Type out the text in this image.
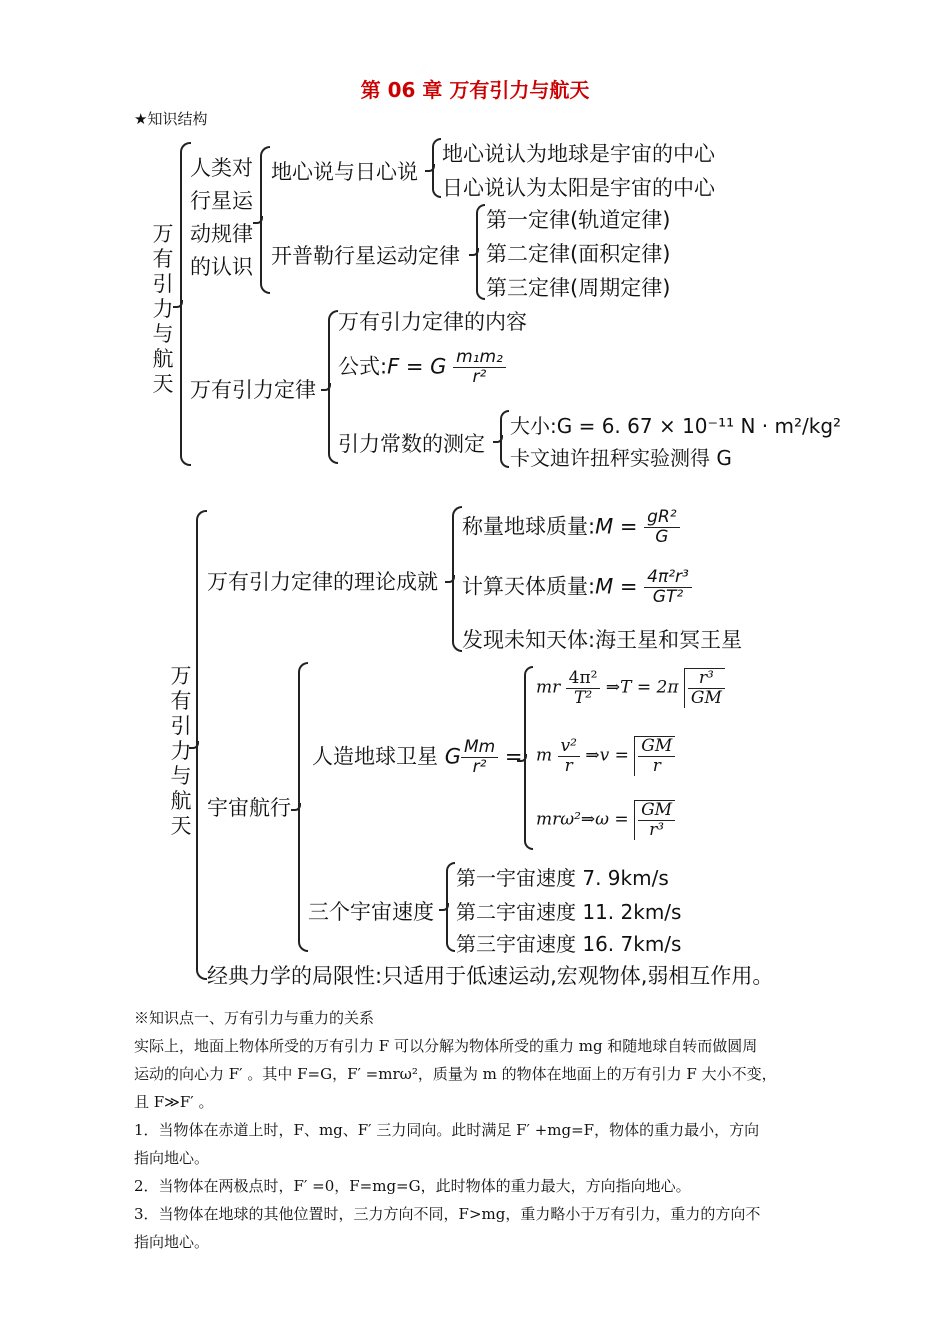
第 06 章 万有引力与航天
★知识结构
万有引力与航天
人类对行星运动规律的认识
地心说与日心说
地心说认为地球是宇宙的中心
日心说认为太阳是宇宙的中心
开普勒行星运动定律
第一定律(轨道定律)
第二定律(面积定律)
第三定律(周期定律)
万有引力定律
万有引力定律的内容
公式:F = G $\frac{\text{m₁m₂}}{\text{r²}}$
引力常数的测定
大小:G = 6. 67 × 10⁻¹¹ N · m²/kg²
卡文迪许扭秤实验测得 G
万有引力与航天
万有引力定律的理论成就
称量地球质量:M = $\frac{\text{gR²}}{G}$
计算天体质量:M = $\frac{\text{4π²r³}}{\text{GT²}}$
发现未知天体:海王星和冥王星
宇宙航行
人造地球卫星 G $\frac{Mm}{\text{r²}}$ =
mr $\frac{\text{4π²}}{\text{T²}}$ ⇒T = $2\pi \frac{\text{r³}}{GM}$
m $\frac{\text{v²}}{r}$ ⇒v = $\frac{GM}{r}$
mrω²⇒ω = $\frac{GM}{\text{r³}}$
三个宇宙速度
第一宇宙速度 7. 9km/s
第二宇宙速度 11. 2km/s
第三宇宙速度 16. 7km/s
经典力学的局限性:只适用于低速运动,宏观物体,弱相互作用。
※知识点一、万有引力与重力的关系
实际上，地面上物体所受的万有引力 F 可以分解为物体所受的重力 mg 和随地球自转而做圆周
运动的向心力 F′ 。其中 F=G，F′ =mrω²，质量为 m 的物体在地面上的万有引力 F 大小不变，
且 F≫F′ 。
1．当物体在赤道上时，F、mg、F′ 三力同向。此时满足 F′ +mg=F，物体的重力最小，方向
指向地心。
2．当物体在两极点时，F′ =0，F=mg=G，此时物体的重力最大，方向指向地心。
3．当物体在地球的其他位置时，三力方向不同，F>mg，重力略小于万有引力，重力的方向不
指向地心。
